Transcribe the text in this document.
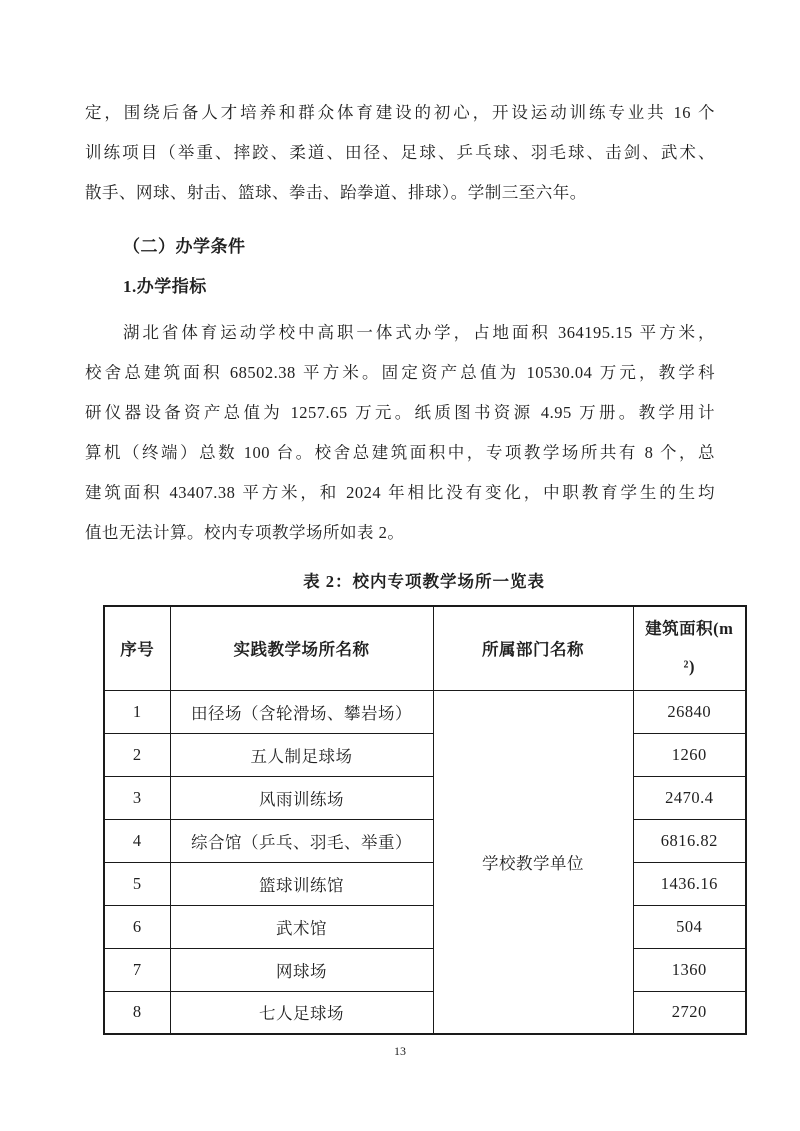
定，围绕后备人才培养和群众体育建设的初心，开设运动训练专业共 16 个
训练项目（举重、摔跤、柔道、田径、足球、乒乓球、羽毛球、击剑、武术、
散手、网球、射击、篮球、拳击、跆拳道、排球）。学制三至六年。
（二）办学条件
1.办学指标
湖北省体育运动学校中高职一体式办学，占地面积 364195.15 平方米，
校舍总建筑面积 68502.38 平方米。固定资产总值为 10530.04 万元，教学科
研仪器设备资产总值为 1257.65 万元。纸质图书资源 4.95 万册。教学用计
算机（终端）总数 100 台。校舍总建筑面积中，专项教学场所共有 8 个，总
建筑面积 43407.38 平方米，和 2024 年相比没有变化，中职教育学生的生均
值也无法计算。校内专项教学场所如表 2。
表 2：校内专项教学场所一览表
序号	实践教学场所名称	所属部门名称	建筑面积(m
²)

1	田径场（含轮滑场、攀岩场）	学校教学单位	26840
2	五人制足球场		1260
3	风雨训练场		2470.4
4	综合馆（乒乓、羽毛、举重）		6816.82
5	篮球训练馆		1436.16
6	武术馆		504
7	网球场		1360
8	七人足球场		2720
13
